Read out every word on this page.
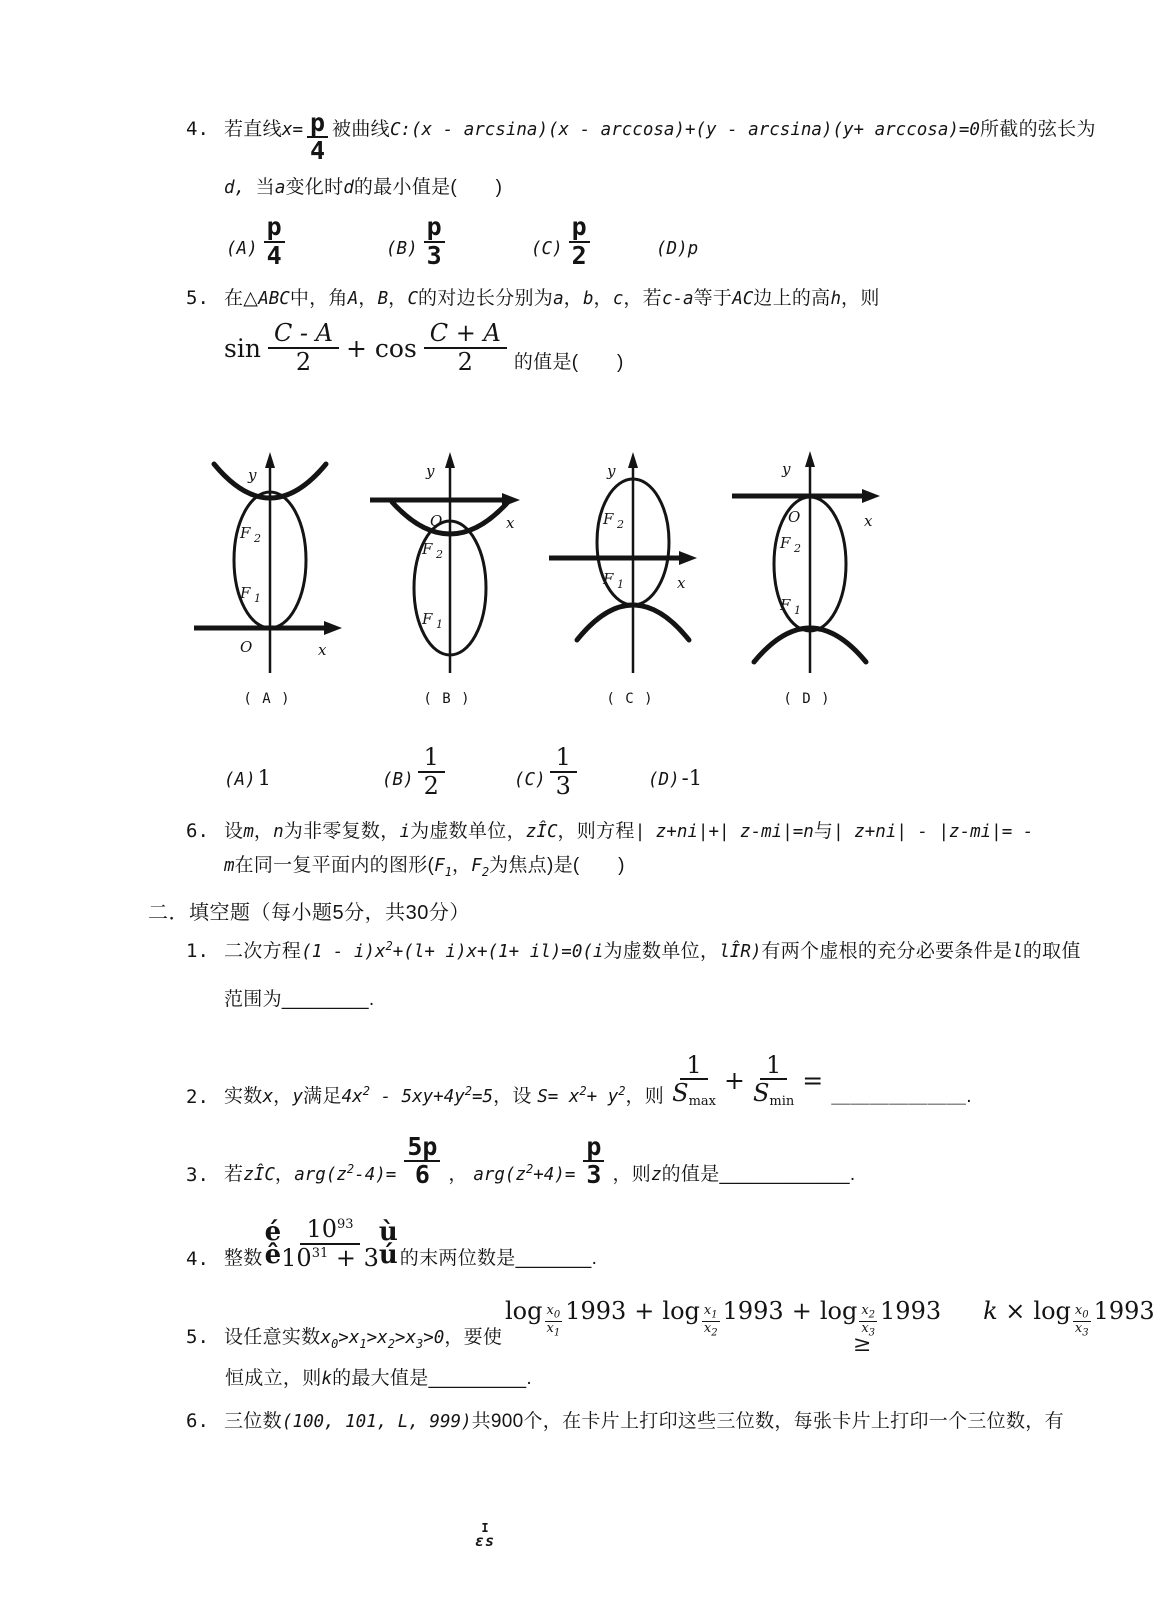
4. 若直线$x= \frac{p}{4}$ 被曲线C:(x - arcsina)(x - arccosa)+(y - arcsina)(y+ arccosa)=0所截的弦长为
d, 当a变化时d的最小值是(　　)
(A)
p
4	(B)
p
3	(C)
p
2	(D) p
5. 在△ABC中，角A，B，C的对边长分别为a，b，c，若c-a等于AC边上的高h，则
sin
C - A
2 + cos
C + A
2 的值是(　　)
y
O	x
F 2
F 1
( A )
y
O	x
F 2
F 1
( B )
y
x
F 2
F 1
( C )
y
O	x
F 2
F 1
( D )
(A) 1	(B)
1
2	(C)
1
3	(D) -1
6. 设m，n为非零复数，i为虚数单位，zÎC，则方程| z+ni|+| z-mi|=n与| z+ni| - |z-mi|= -
m在同一复平面内的图形($F_1$，$F_2$为焦点)是(　　)
二．填空题（每小题5分，共30分）
1. 二次方程$(1 - i)x^2+(l+ i)x+(1+ il)=0(i$为虚数单位，lÎR)有两个虚根的充分必要条件是l的取值
范围为________.
2. 实数x，y满足$4x^2 - 5xy+4y^2=5$，设 $S= x^2+ y^2$，则
1
$S_{max}$
+
1
$S_{min}$
=
＿＿＿＿＿＿＿.
3. 若zÎC，$arg(z^2-4)= \frac{5p}{6}$ ， $arg(z^2+4)= \frac{p}{3}$ ，则z的值是____________.
4. 整数
é
ê
$10^{93}$
$10^{31} + 3$
ù
ú 的末两位数是_______.
5. 设任意实数$x_0>x_1>x_2>x_3>0$，要使
$\log x_0$
$x_1$
$1993 + \log x_1$
$x_2$
$1993 + \log x_2$
$x_3$
1993 $k \times \log x_0$
$x_3$
1993
≥
恒成立，则k的最大值是_________.
6. 三位数(100, 101, L, 999)共900个，在卡片上打印这些三位数，每张卡片上打印一个三位数，有
I
εs
